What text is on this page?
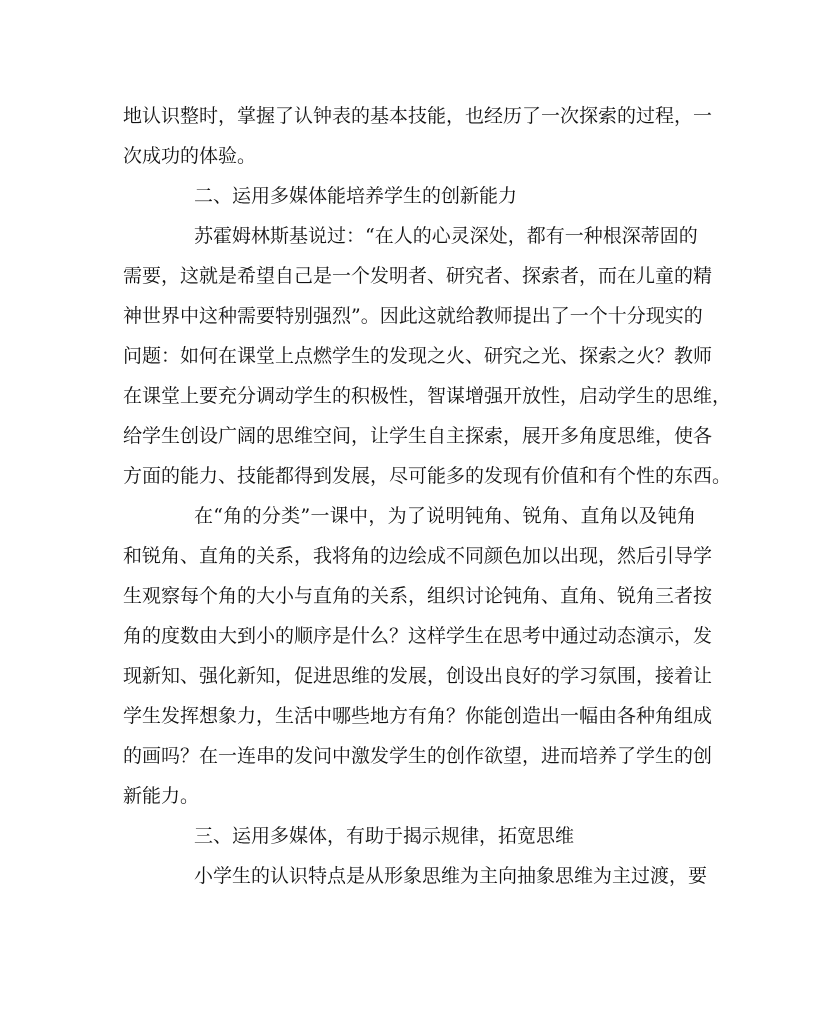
地认识整时，掌握了认钟表的基本技能，也经历了一次探索的过程，一
次成功的体验。

二、运用多媒体能培养学生的创新能力

苏霍姆林斯基说过：“在人的心灵深处，都有一种根深蒂固的
需要，这就是希望自己是一个发明者、研究者、探索者，而在儿童的精
神世界中这种需要特别强烈”。因此这就给教师提出了一个十分现实的
问题：如何在课堂上点燃学生的发现之火、研究之光、探索之火？教师
在课堂上要充分调动学生的积极性，智谋增强开放性，启动学生的思维，
给学生创设广阔的思维空间，让学生自主探索，展开多角度思维，使各
方面的能力、技能都得到发展，尽可能多的发现有价值和有个性的东西。

在“角的分类”一课中，为了说明钝角、锐角、直角以及钝角
和锐角、直角的关系，我将角的边绘成不同颜色加以出现，然后引导学
生观察每个角的大小与直角的关系，组织讨论钝角、直角、锐角三者按
角的度数由大到小的顺序是什么？这样学生在思考中通过动态演示，发
现新知、强化新知，促进思维的发展，创设出良好的学习氛围，接着让
学生发挥想象力，生活中哪些地方有角？你能创造出一幅由各种角组成
的画吗？在一连串的发问中激发学生的创作欲望，进而培养了学生的创
新能力。

三、运用多媒体，有助于揭示规律，拓宽思维

小学生的认识特点是从形象思维为主向抽象思维为主过渡，要
